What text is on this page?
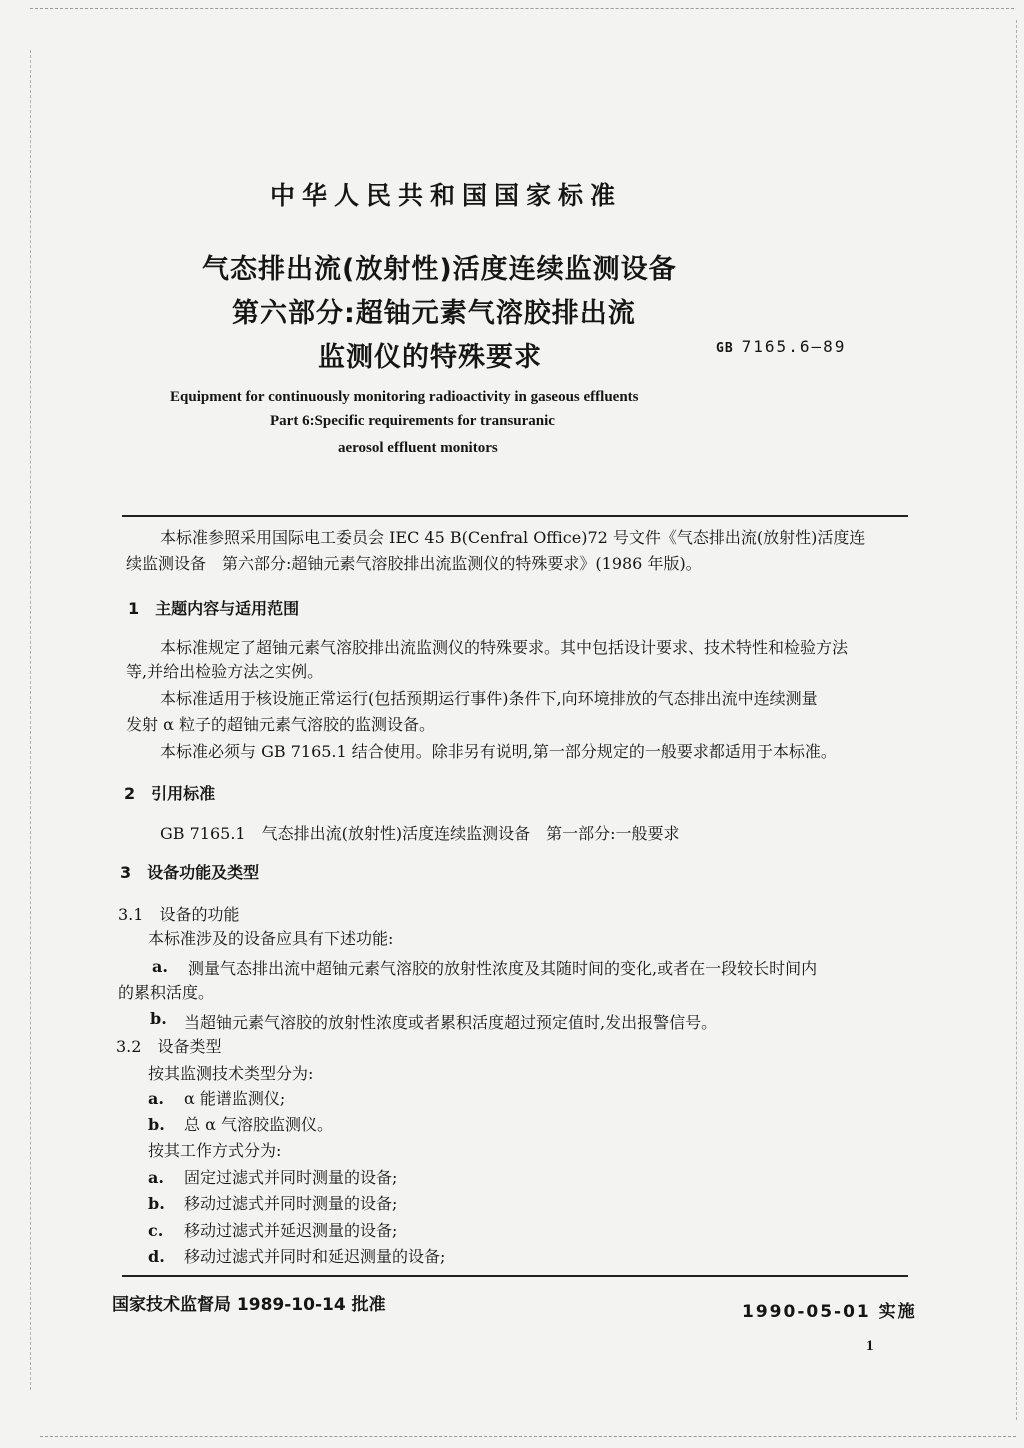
中华人民共和国国家标准
气态排出流(放射性)活度连续监测设备
第六部分:超铀元素气溶胶排出流
监测仪的特殊要求	GB 7165.6—89
Equipment for continuously monitoring radioactivity in gaseous effluents
Part 6:Specific requirements for transuranic
aerosol effluent monitors
本标准参照采用国际电工委员会 IEC 45 B(Cenfral Office)72 号文件《气态排出流(放射性)活度连
续监测设备　第六部分:超铀元素气溶胶排出流监测仪的特殊要求》(1986 年版)。
1　主题内容与适用范围
本标准规定了超铀元素气溶胶排出流监测仪的特殊要求。其中包括设计要求、技术特性和检验方法
等,并给出检验方法之实例。
本标准适用于核设施正常运行(包括预期运行事件)条件下,向环境排放的气态排出流中连续测量
发射 α 粒子的超铀元素气溶胶的监测设备。
本标准必须与 GB 7165.1 结合使用。除非另有说明,第一部分规定的一般要求都适用于本标准。
2　引用标准
GB 7165.1　气态排出流(放射性)活度连续监测设备　第一部分:一般要求
3　设备功能及类型
3.1　设备的功能
本标准涉及的设备应具有下述功能:
a. 测量气态排出流中超铀元素气溶胶的放射性浓度及其随时间的变化,或者在一段较长时间内
的累积活度。
b. 当超铀元素气溶胶的放射性浓度或者累积活度超过预定值时,发出报警信号。
3.2　设备类型
按其监测技术类型分为:
a. α 能谱监测仪;
b. 总 α 气溶胶监测仪。
按其工作方式分为:
a. 固定过滤式并同时测量的设备;
b. 移动过滤式并同时测量的设备;
c. 移动过滤式并延迟测量的设备;
d. 移动过滤式并同时和延迟测量的设备;
国家技术监督局 1989-10-14 批准	1990-05-01 实施
1
